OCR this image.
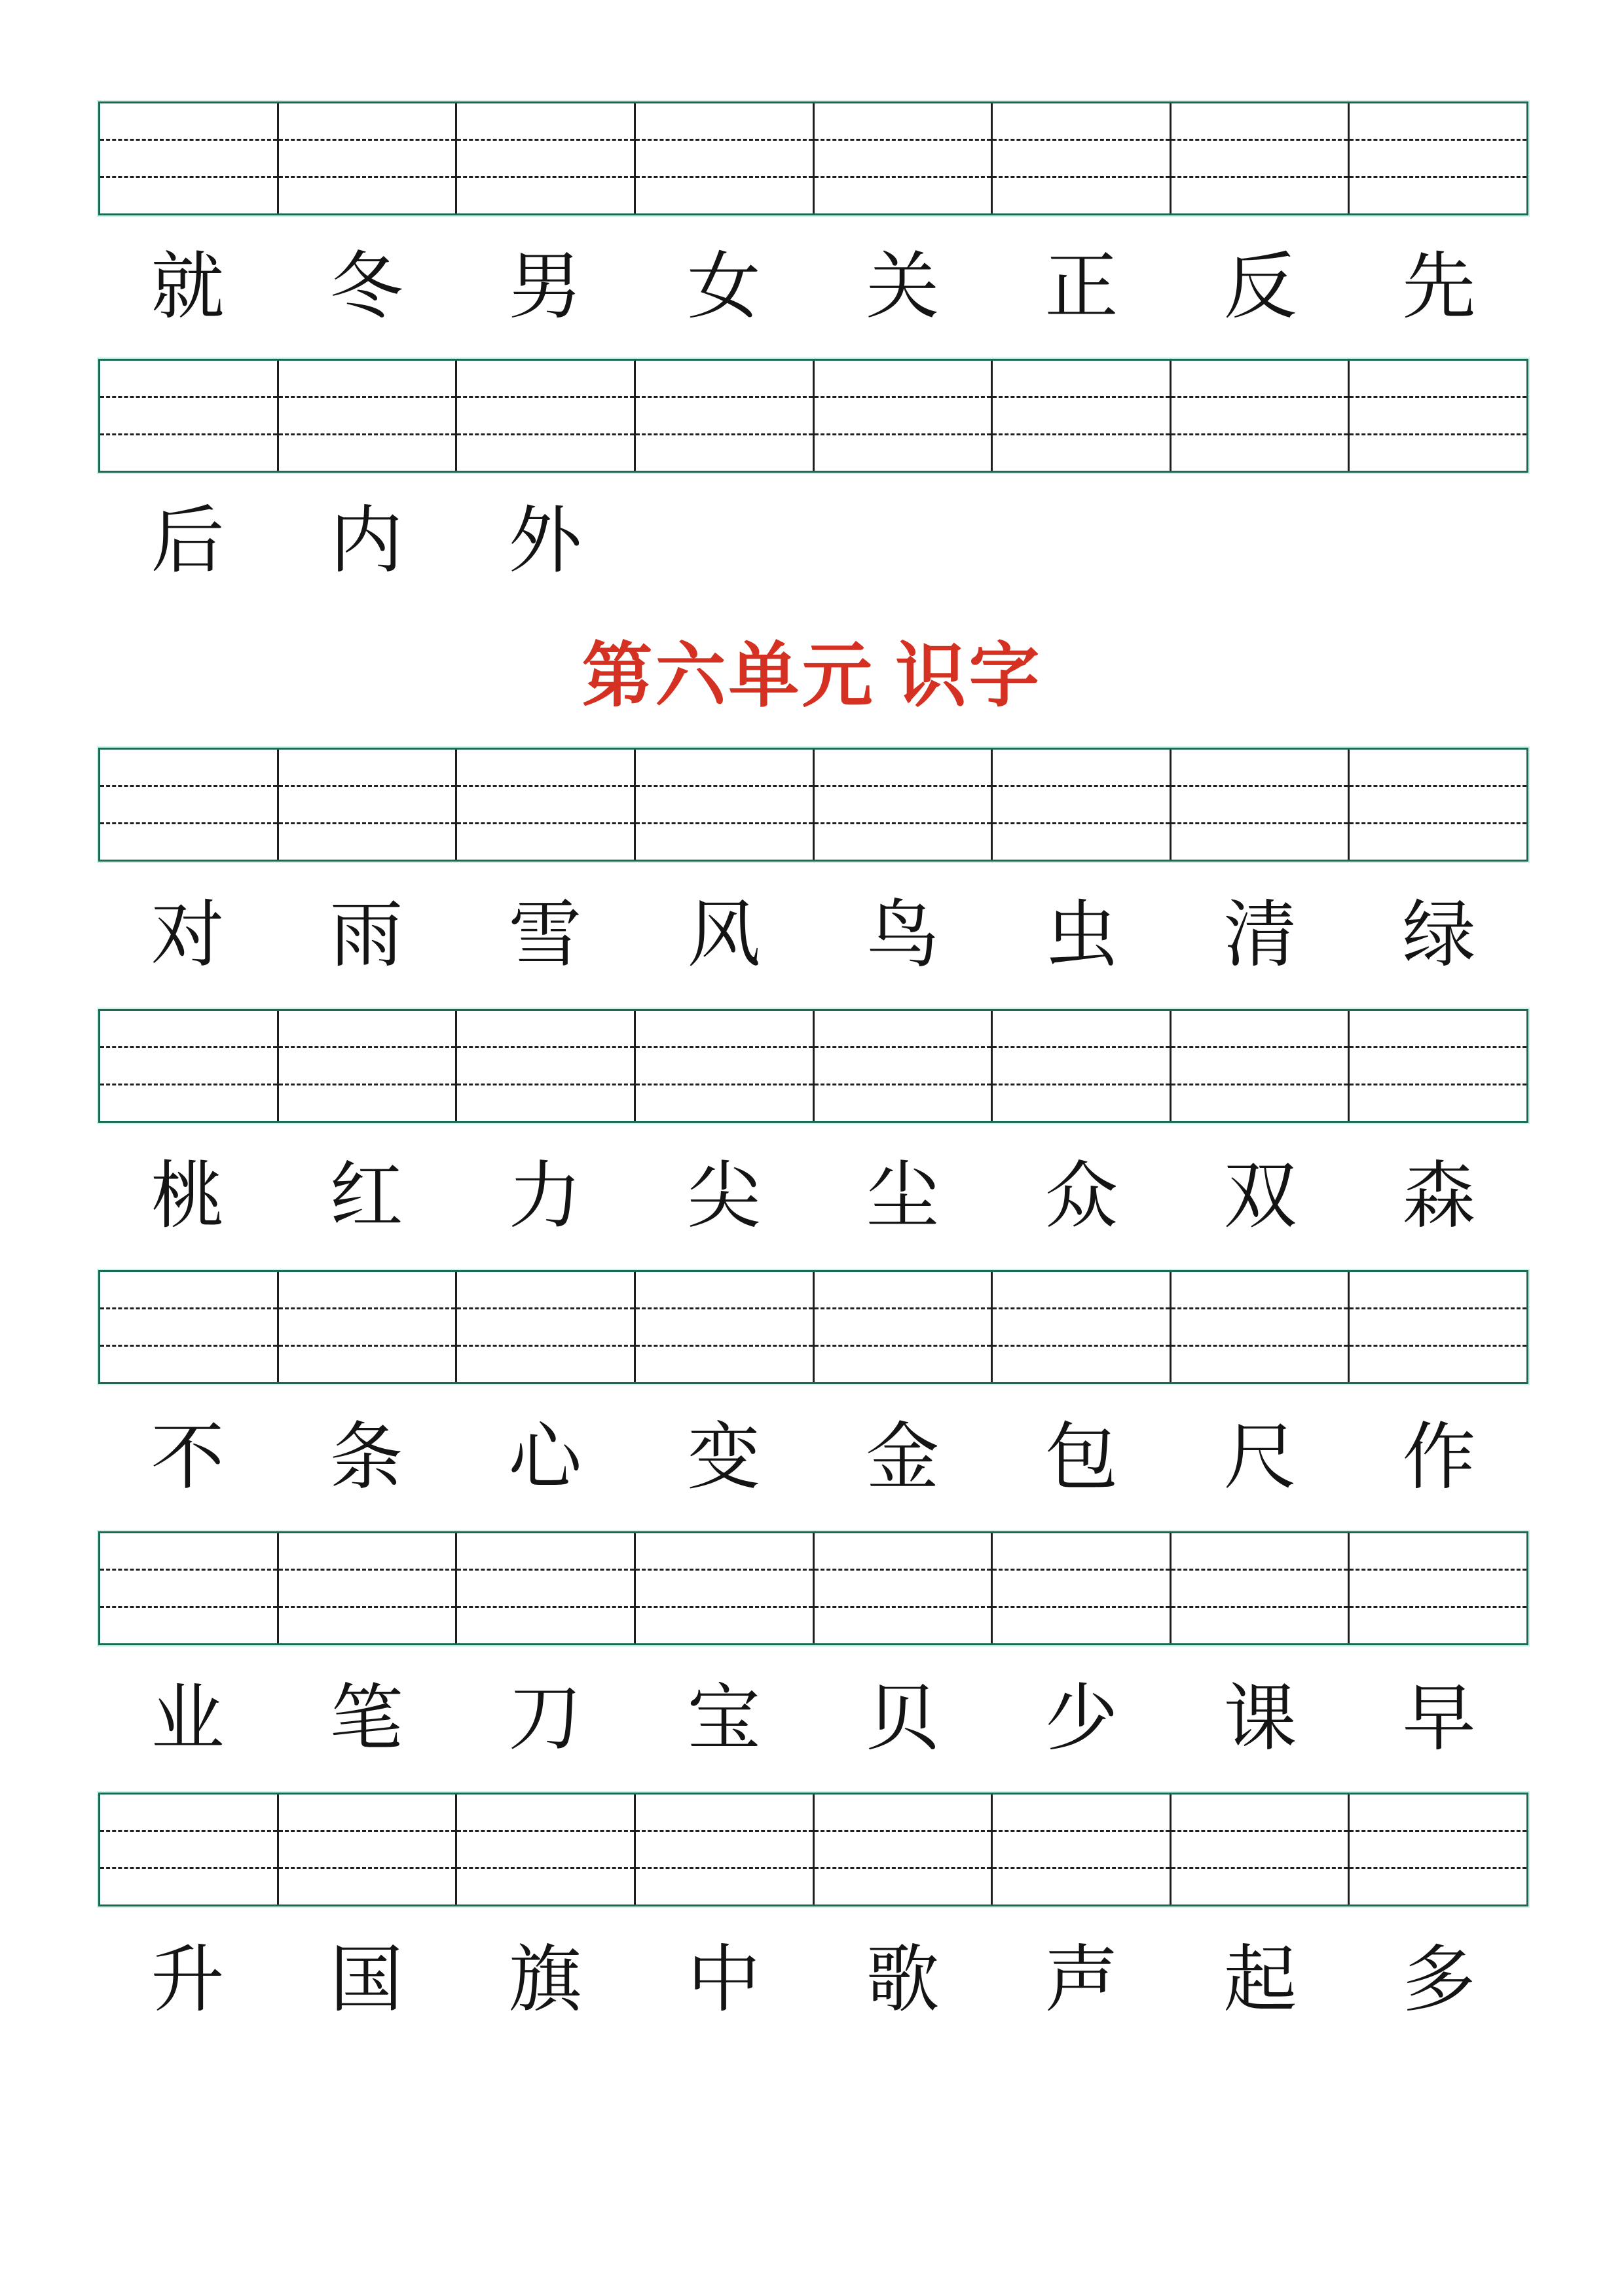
就	冬	男	女	关	正	反	先
后	内	外
第六单元 识字
对	雨	雪	风	鸟	虫	清	绿
桃	红	力	尖	尘	众	双	森
不	条	心	变	金	包	尺	作
业	笔	刀	宝	贝	少	课	早
升	国	旗	中	歌	声	起	多
